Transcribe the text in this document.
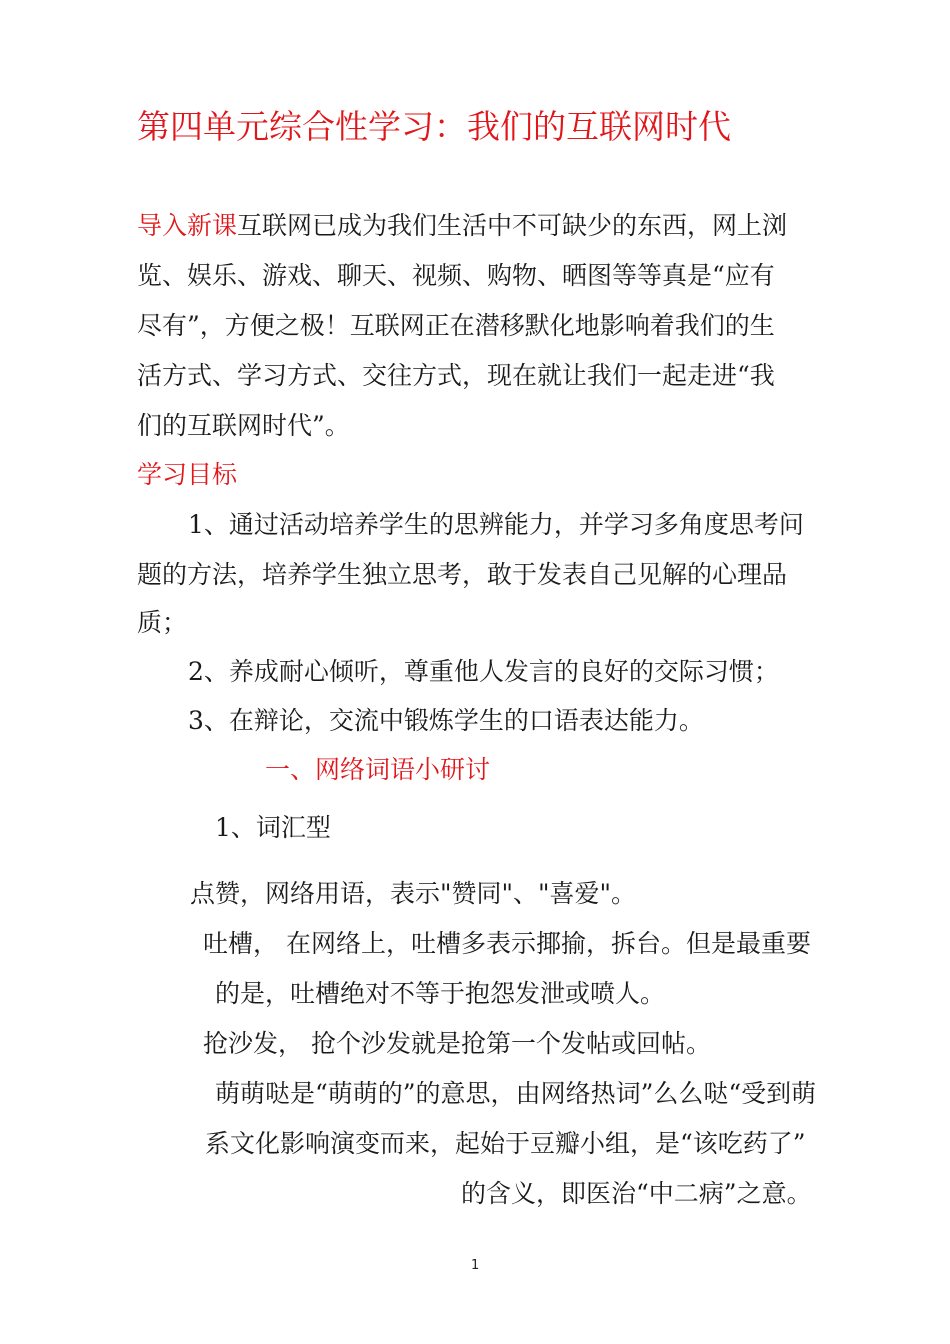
第四单元综合性学习：我们的互联网时代
导入新课互联网已成为我们生活中不可缺少的东西，网上浏
览、娱乐、游戏、聊天、视频、购物、晒图等等真是“应有
尽有”，方便之极！互联网正在潜移默化地影响着我们的生
活方式、学习方式、交往方式，现在就让我们一起走进“我
们的互联网时代”。
学习目标
1、通过活动培养学生的思辨能力，并学习多角度思考问
题的方法，培养学生独立思考，敢于发表自己见解的心理品
质；
2、养成耐心倾听，尊重他人发言的良好的交际习惯；
3、在辩论，交流中锻炼学生的口语表达能力。
一、网络词语小研讨
1、词汇型
点赞，网络用语，表示"赞同"、"喜爱"。
吐槽， 在网络上，吐槽多表示揶揄，拆台。但是最重要
的是，吐槽绝对不等于抱怨发泄或喷人。
抢沙发， 抢个沙发就是抢第一个发帖或回帖。
萌萌哒是“萌萌的”的意思，由网络热词”么么哒“受到萌
系文化影响演变而来，起始于豆瓣小组，是“该吃药了”
的含义，即医治“中二病”之意。
1
